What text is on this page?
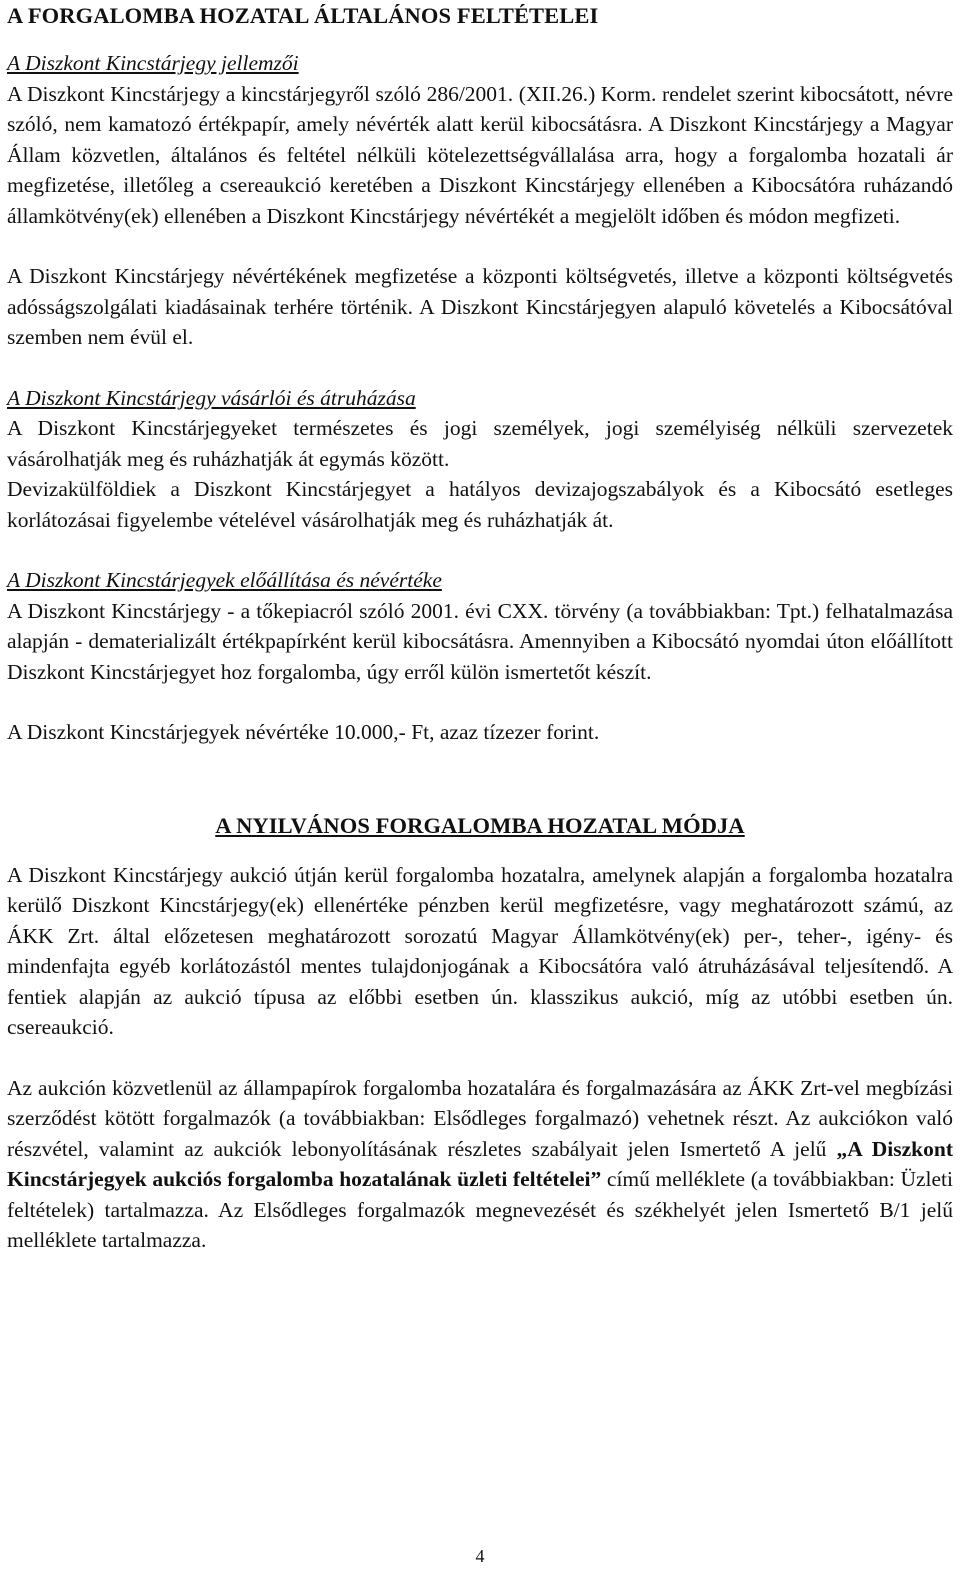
A FORGALOMBA HOZATAL ÁLTALÁNOS FELTÉTELEI

A Diszkont Kincstárjegy jellemzői

A Diszkont Kincstárjegy a kincstárjegyről szóló 286/2001. (XII.26.) Korm. rendelet szerint kibocsátott, névre szóló, nem kamatozó értékpapír, amely névérték alatt kerül kibocsátásra. A Diszkont Kincstárjegy a Magyar Állam közvetlen, általános és feltétel nélküli kötelezettségvállalása arra, hogy a forgalomba hozatali ár megfizetése, illetőleg a csereaukció keretében a Diszkont Kincstárjegy ellenében a Kibocsátóra ruházandó államkötvény(ek) ellenében a Diszkont Kincstárjegy névértékét a megjelölt időben és módon megfizeti.

A Diszkont Kincstárjegy névértékének megfizetése a központi költségvetés, illetve a központi költségvetés adósságszolgálati kiadásainak terhére történik. A Diszkont Kincstárjegyen alapuló követelés a Kibocsátóval szemben nem évül el.

A Diszkont Kincstárjegy vásárlói és átruházása

A Diszkont Kincstárjegyeket természetes és jogi személyek, jogi személyiség nélküli szervezetek vásárolhatják meg és ruházhatják át egymás között.

Devizakülföldiek a Diszkont Kincstárjegyet a hatályos devizajogszabályok és a Kibocsátó esetleges korlátozásai figyelembe vételével vásárolhatják meg és ruházhatják át.

A Diszkont Kincstárjegyek előállítása és névértéke

A Diszkont Kincstárjegy - a tőkepiacról szóló 2001. évi CXX. törvény (a továbbiakban: Tpt.) felhatalmazása alapján - dematerializált értékpapírként kerül kibocsátásra. Amennyiben a Kibocsátó nyomdai úton előállított Diszkont Kincstárjegyet hoz forgalomba, úgy erről külön ismertetőt készít.

A Diszkont Kincstárjegyek névértéke 10.000,- Ft, azaz tízezer forint.

A NYILVÁNOS FORGALOMBA HOZATAL MÓDJA

A Diszkont Kincstárjegy aukció útján kerül forgalomba hozatalra, amelynek alapján a forgalomba hozatalra kerülő Diszkont Kincstárjegy(ek) ellenértéke pénzben kerül megfizetésre, vagy meghatározott számú, az ÁKK Zrt. által előzetesen meghatározott sorozatú Magyar Államkötvény(ek) per-, teher-, igény- és mindenfajta egyéb korlátozástól mentes tulajdonjogának a Kibocsátóra való átruházásával teljesítendő. A fentiek alapján az aukció típusa az előbbi esetben ún. klasszikus aukció, míg az utóbbi esetben ún. csereaukció.

Az aukción közvetlenül az állampapírok forgalomba hozatalára és forgalmazására az ÁKK Zrt-vel megbízási szerződést kötött forgalmazók (a továbbiakban: Elsődleges forgalmazó) vehetnek részt. Az aukciókon való részvétel, valamint az aukciók lebonyolításának részletes szabályait jelen Ismertető A jelű „A Diszkont Kincstárjegyek aukciós forgalomba hozatalának üzleti feltételei” című melléklete (a továbbiakban: Üzleti feltételek) tartalmazza. Az Elsődleges forgalmazók megnevezését és székhelyét jelen Ismertető B/1 jelű melléklete tartalmazza.

4
